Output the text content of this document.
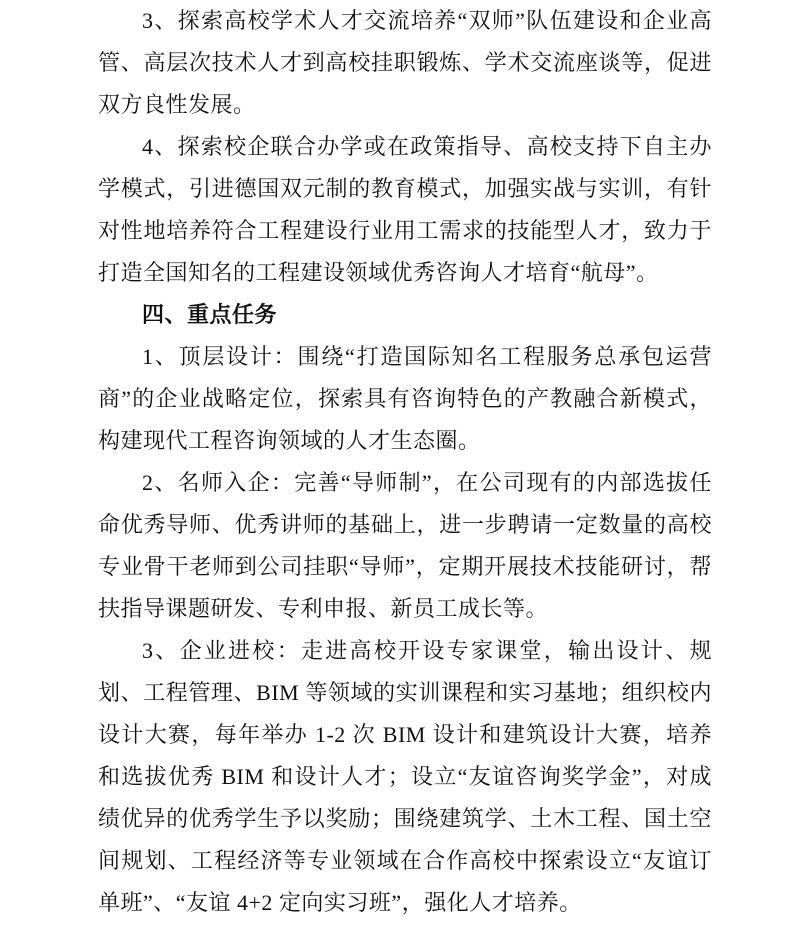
3、探索高校学术人才交流培养“双师”队伍建设和企业高管、高层次技术人才到高校挂职锻炼、学术交流座谈等，促进双方良性发展。

4、探索校企联合办学或在政策指导、高校支持下自主办学模式，引进德国双元制的教育模式，加强实战与实训，有针对性地培养符合工程建设行业用工需求的技能型人才，致力于打造全国知名的工程建设领域优秀咨询人才培育“航母”。

四、重点任务

1、顶层设计：围绕“打造国际知名工程服务总承包运营商”的企业战略定位，探索具有咨询特色的产教融合新模式，构建现代工程咨询领域的人才生态圈。

2、名师入企：完善“导师制”，在公司现有的内部选拔任命优秀导师、优秀讲师的基础上，进一步聘请一定数量的高校专业骨干老师到公司挂职“导师”，定期开展技术技能研讨，帮扶指导课题研发、专利申报、新员工成长等。

3、企业进校：走进高校开设专家课堂，输出设计、规划、工程管理、BIM 等领域的实训课程和实习基地；组织校内设计大赛，每年举办 1-2 次 BIM 设计和建筑设计大赛，培养和选拔优秀 BIM 和设计人才；设立“友谊咨询奖学金”，对成绩优异的优秀学生予以奖励；围绕建筑学、土木工程、国土空间规划、工程经济等专业领域在合作高校中探索设立“友谊订单班”、“友谊 4+2 定向实习班”，强化人才培养。
